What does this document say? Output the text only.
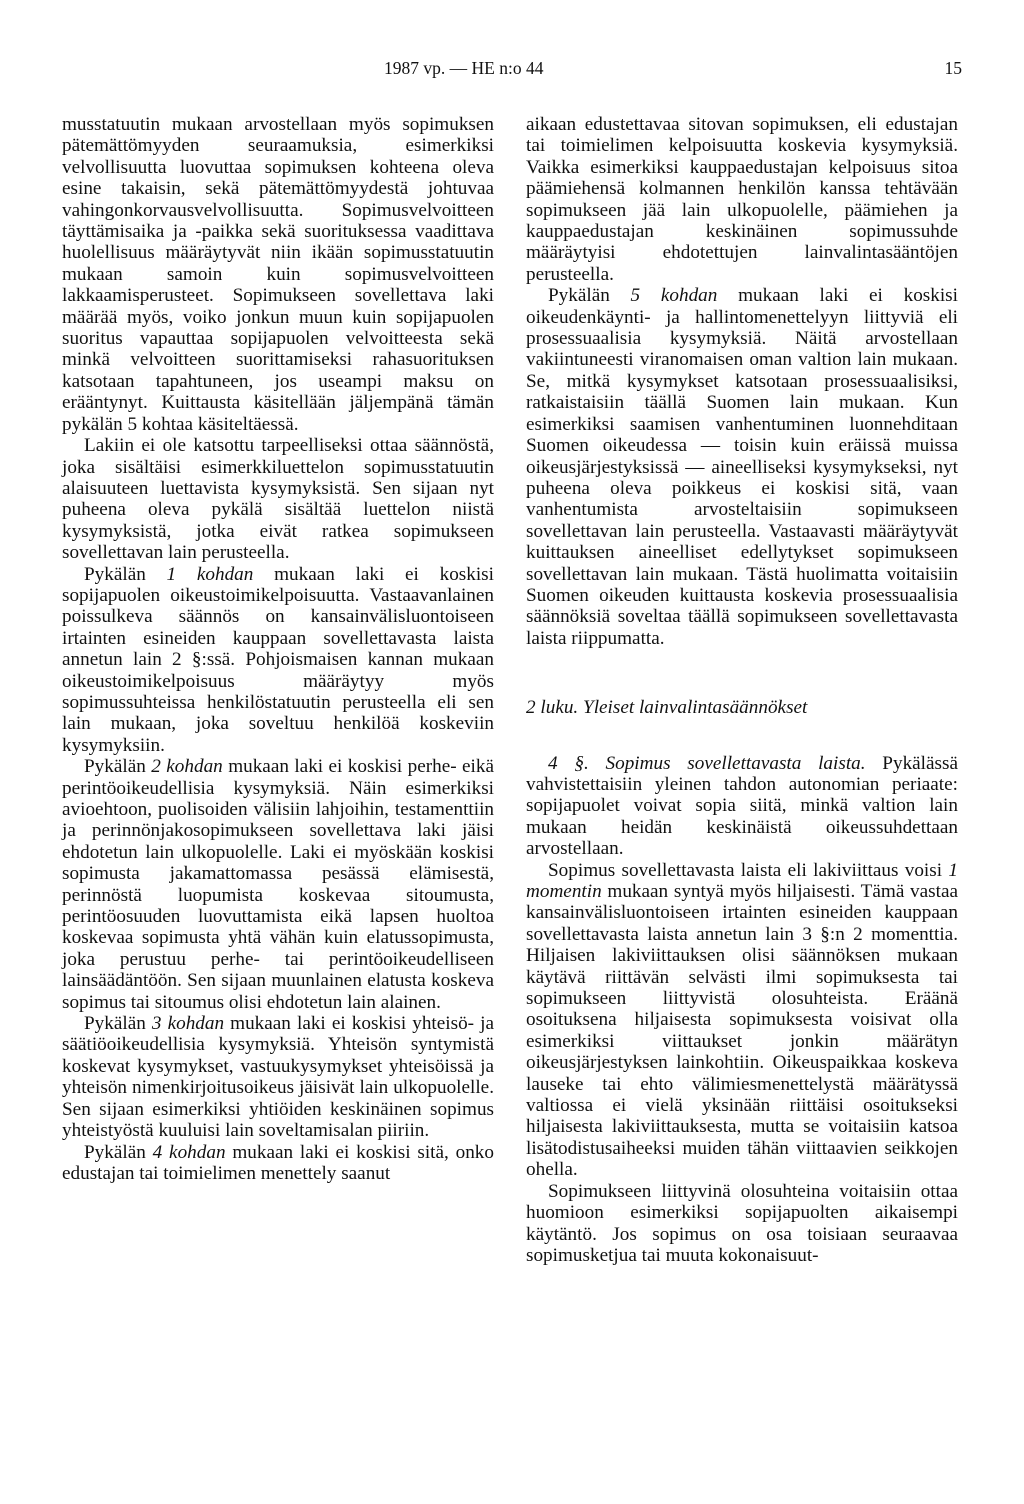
1987 vp. — HE n:o 44	15

musstatuutin mukaan arvostellaan myös sopimuksen pätemättömyyden seuraamuksia, esimerkiksi velvollisuutta luovuttaa sopimuksen kohteena oleva esine takaisin, sekä pätemättömyydestä johtuvaa vahingonkorvausvelvollisuutta. Sopimusvelvoitteen täyttämisaika ja -paikka sekä suorituksessa vaadittava huolellisuus määräytyvät niin ikään sopimusstatuutin mukaan samoin kuin sopimusvelvoitteen lakkaamisperusteet. Sopimukseen sovellettava laki määrää myös, voiko jonkun muun kuin sopijapuolen suoritus vapauttaa sopijapuolen velvoitteesta sekä minkä velvoitteen suorittamiseksi rahasuorituksen katsotaan tapahtuneen, jos useampi maksu on erääntynyt. Kuittausta käsitellään jäljempänä tämän pykälän 5 kohtaa käsiteltäessä.

Lakiin ei ole katsottu tarpeelliseksi ottaa säännöstä, joka sisältäisi esimerkkiluettelon sopimusstatuutin alaisuuteen luettavista kysymyksistä. Sen sijaan nyt puheena oleva pykälä sisältää luettelon niistä kysymyksistä, jotka eivät ratkea sopimukseen sovellettavan lain perusteella.

Pykälän 1 kohdan mukaan laki ei koskisi sopijapuolen oikeustoimikelpoisuutta. Vastaavanlainen poissulkeva säännös on kansainvälisluontoiseen irtainten esineiden kauppaan sovellettavasta laista annetun lain 2 §:ssä. Pohjoismaisen kannan mukaan oikeustoimikelpoisuus määräytyy myös sopimussuhteissa henkilöstatuutin perusteella eli sen lain mukaan, joka soveltuu henkilöä koskeviin kysymyksiin.

Pykälän 2 kohdan mukaan laki ei koskisi perhe- eikä perintöoikeudellisia kysymyksiä. Näin esimerkiksi avioehtoon, puolisoiden välisiin lahjoihin, testamenttiin ja perinnönjakosopimukseen sovellettava laki jäisi ehdotetun lain ulkopuolelle. Laki ei myöskään koskisi sopimusta jakamattomassa pesässä elämisestä, perinnöstä luopumista koskevaa sitoumusta, perintöosuuden luovuttamista eikä lapsen huoltoa koskevaa sopimusta yhtä vähän kuin elatussopimusta, joka perustuu perhe- tai perintöoikeudelliseen lainsäädäntöön. Sen sijaan muunlainen elatusta koskeva sopimus tai sitoumus olisi ehdotetun lain alainen.

Pykälän 3 kohdan mukaan laki ei koskisi yhteisö- ja säätiöoikeudellisia kysymyksiä. Yhteisön syntymistä koskevat kysymykset, vastuukysymykset yhteisöissä ja yhteisön nimenkirjoitusoikeus jäisivät lain ulkopuolelle. Sen sijaan esimerkiksi yhtiöiden keskinäinen sopimus yhteistyöstä kuuluisi lain soveltamisalan piiriin.

Pykälän 4 kohdan mukaan laki ei koskisi sitä, onko edustajan tai toimielimen menettely saanut

aikaan edustettavaa sitovan sopimuksen, eli edustajan tai toimielimen kelpoisuutta koskevia kysymyksiä. Vaikka esimerkiksi kauppaedustajan kelpoisuus sitoa päämiehensä kolmannen henkilön kanssa tehtävään sopimukseen jää lain ulkopuolelle, päämiehen ja kauppaedustajan keskinäinen sopimussuhde määräytyisi ehdotettujen lainvalintasääntöjen perusteella.

Pykälän 5 kohdan mukaan laki ei koskisi oikeudenkäynti- ja hallintomenettelyyn liittyviä eli prosessuaalisia kysymyksiä. Näitä arvostellaan vakiintuneesti viranomaisen oman valtion lain mukaan. Se, mitkä kysymykset katsotaan prosessuaalisiksi, ratkaistaisiin täällä Suomen lain mukaan. Kun esimerkiksi saamisen vanhentuminen luonnehditaan Suomen oikeudessa — toisin kuin eräissä muissa oikeusjärjestyksissä — aineelliseksi kysymykseksi, nyt puheena oleva poikkeus ei koskisi sitä, vaan vanhentumista arvosteltaisiin sopimukseen sovellettavan lain perusteella. Vastaavasti määräytyvät kuittauksen aineelliset edellytykset sopimukseen sovellettavan lain mukaan. Tästä huolimatta voitaisiin Suomen oikeuden kuittausta koskevia prosessuaalisia säännöksiä soveltaa täällä sopimukseen sovellettavasta laista riippumatta.

2 luku. Yleiset lainvalintasäännökset

4 §. Sopimus sovellettavasta laista. Pykälässä vahvistettaisiin yleinen tahdon autonomian periaate: sopijapuolet voivat sopia siitä, minkä valtion lain mukaan heidän keskinäistä oikeussuhdettaan arvostellaan.

Sopimus sovellettavasta laista eli lakiviittaus voisi 1 momentin mukaan syntyä myös hiljaisesti. Tämä vastaa kansainvälisluontoiseen irtainten esineiden kauppaan sovellettavasta laista annetun lain 3 §:n 2 momenttia. Hiljaisen lakiviittauksen olisi säännöksen mukaan käytävä riittävän selvästi ilmi sopimuksesta tai sopimukseen liittyvistä olosuhteista. Eräänä osoituksena hiljaisesta sopimuksesta voisivat olla esimerkiksi viittaukset jonkin määrätyn oikeusjärjestyksen lainkohtiin. Oikeuspaikkaa koskeva lauseke tai ehto välimiesmenettelystä määrätyssä valtiossa ei vielä yksinään riittäisi osoitukseksi hiljaisesta lakiviittauksesta, mutta se voitaisiin katsoa lisätodistusaiheeksi muiden tähän viittaavien seikkojen ohella.

Sopimukseen liittyvinä olosuhteina voitaisiin ottaa huomioon esimerkiksi sopijapuolten aikaisempi käytäntö. Jos sopimus on osa toisiaan seuraavaa sopimusketjua tai muuta kokonaisuut-
